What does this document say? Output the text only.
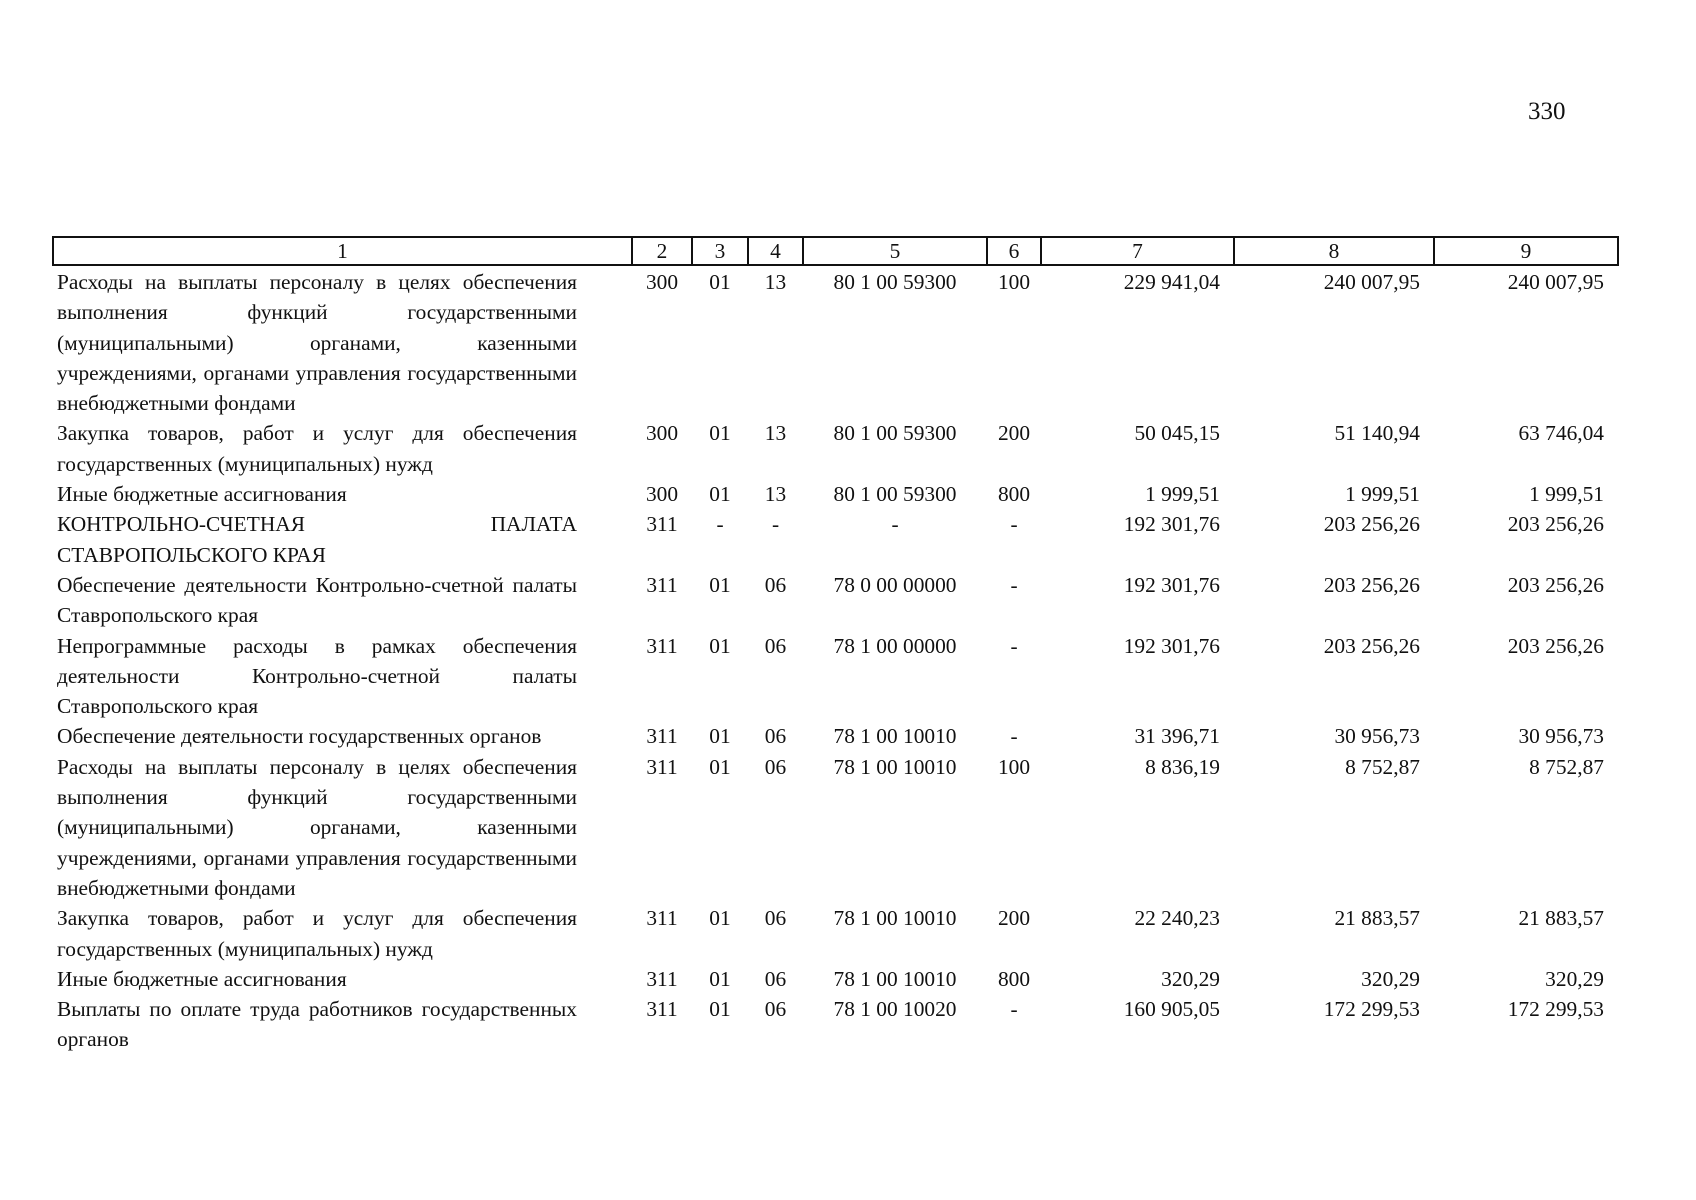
330
1	2	3	4	5	6	7	8	9

Расходы на выплаты персоналу в целях обеспечения выполнения функций государственными (муниципальными) органами, казенными учреждениями, органами управления государственными внебюджетными фондами	300	01	13	80 1 00 59300	100	229 941,04	240 007,95	240 007,95

Закупка товаров, работ и услуг для обеспечения государственных (муниципальных) нужд	300	01	13	80 1 00 59300	200	50 045,15	51 140,94	63 746,04

Иные бюджетные ассигнования	300	01	13	80 1 00 59300	800	1 999,51	1 999,51	1 999,51

КОНТРОЛЬНО-СЧЕТНАЯ ПАЛАТА СТАВРОПОЛЬСКОГО КРАЯ	311	-	-	-	-	192 301,76	203 256,26	203 256,26

Обеспечение деятельности Контрольно-счетной палаты Ставропольского края	311	01	06	78 0 00 00000	-	192 301,76	203 256,26	203 256,26

Непрограммные расходы в рамках обеспечения деятельности Контрольно-счетной палаты Ставропольского края	311	01	06	78 1 00 00000	-	192 301,76	203 256,26	203 256,26

Обеспечение деятельности государственных органов	311	01	06	78 1 00 10010	-	31 396,71	30 956,73	30 956,73

Расходы на выплаты персоналу в целях обеспечения выполнения функций государственными (муниципальными) органами, казенными учреждениями, органами управления государственными внебюджетными фондами	311	01	06	78 1 00 10010	100	8 836,19	8 752,87	8 752,87

Закупка товаров, работ и услуг для обеспечения государственных (муниципальных) нужд	311	01	06	78 1 00 10010	200	22 240,23	21 883,57	21 883,57

Иные бюджетные ассигнования	311	01	06	78 1 00 10010	800	320,29	320,29	320,29

Выплаты по оплате труда работников государственных органов	311	01	06	78 1 00 10020	-	160 905,05	172 299,53	172 299,53
